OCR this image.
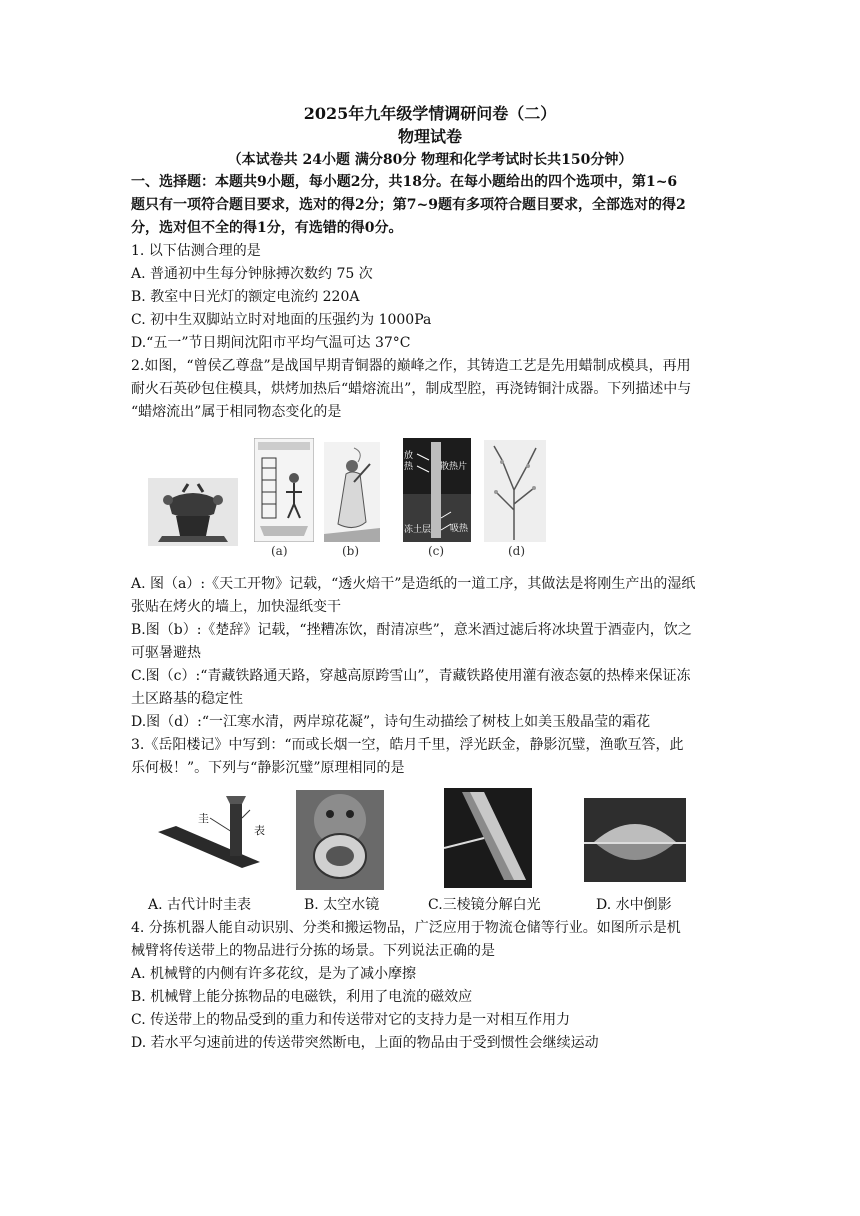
2025年九年级学情调研问卷（二）
物理试卷
（本试卷共 24小题 满分80分 物理和化学考试时长共150分钟）
一、选择题：本题共9小题，每小题2分，共18分。在每小题给出的四个选项中，第1~6
题只有一项符合题目要求，选对的得2分；第7~9题有多项符合题目要求，全部选对的得2
分，选对但不全的得1分，有选错的得0分。
1. 以下估测合理的是
A. 普通初中生每分钟脉搏次数约 75 次
B. 教室中日光灯的额定电流约 220A
C. 初中生双脚站立时对地面的压强约为 1000Pa
D.“五一”节日期间沈阳市平均气温可达 37°C
2.如图，“曾侯乙尊盘”是战国早期青铜器的巅峰之作，其铸造工艺是先用蜡制成模具，再用
耐火石英砂包住模具，烘烤加热后“蜡熔流出”，制成型腔，再浇铸铜汁成器。下列描述中与
“蜡熔流出”属于相同物态变化的是
(a)	(b)
放热	散热片
冻土层 吸热
(c)	(d)
A. 图（a）:《天工开物》记载，“透火焙干”是造纸的一道工序，其做法是将刚生产出的湿纸
张贴在烤火的墙上，加快湿纸变干
B.图（b）:《楚辞》记载，“挫糟冻饮，酎清凉些”，意米酒过滤后将冰块置于酒壶内，饮之
可驱暑避热
C.图（c）:“青藏铁路通天路，穿越高原跨雪山”，青藏铁路使用灌有液态氨的热棒来保证冻
土区路基的稳定性
D.图（d）:“一江寒水清，两岸琼花凝”，诗句生动描绘了树枝上如美玉般晶莹的霜花
3.《岳阳楼记》中写到：“而或长烟一空，皓月千里，浮光跃金，静影沉璧，渔歌互答，此
乐何极！”。下列与“静影沉璧”原理相同的是
圭
表
A. 古代计时圭表	B. 太空水镜	C.三棱镜分解白光	D. 水中倒影
4. 分拣机器人能自动识别、分类和搬运物品，广泛应用于物流仓储等行业。如图所示是机
械臂将传送带上的物品进行分拣的场景。下列说法正确的是
A. 机械臂的内侧有许多花纹，是为了减小摩擦
B. 机械臂上能分拣物品的电磁铁，利用了电流的磁效应
C. 传送带上的物品受到的重力和传送带对它的支持力是一对相互作用力
D. 若水平匀速前进的传送带突然断电，上面的物品由于受到惯性会继续运动
